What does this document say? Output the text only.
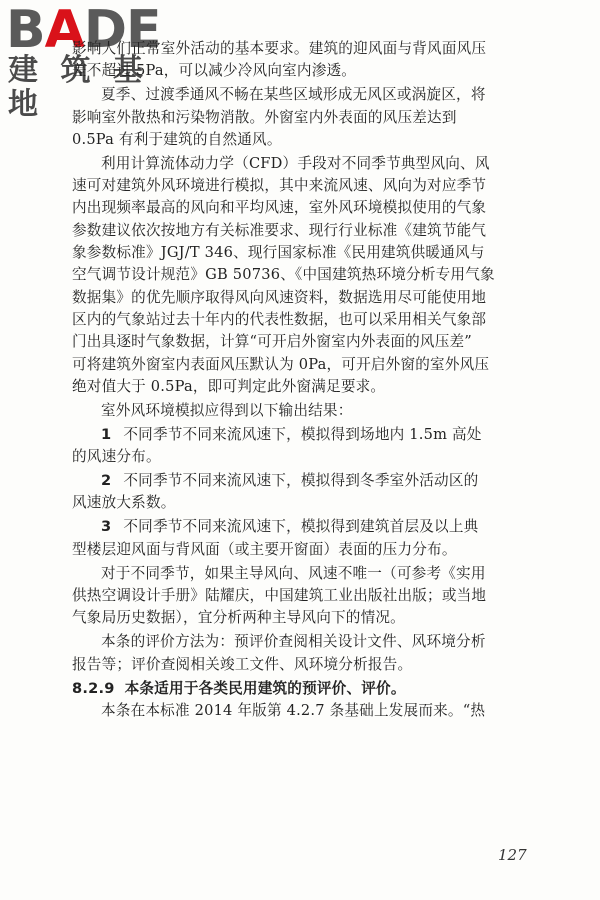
BADE
建 筑 基 地
影响人们正常室外活动的基本要求。建筑的迎风面与背风面风压
差不超过 5Pa，可以减少冷风向室内渗透。
夏季、过渡季通风不畅在某些区域形成无风区或涡旋区，将
影响室外散热和污染物消散。外窗室内外表面的风压差达到
0.5Pa 有利于建筑的自然通风。
利用计算流体动力学（CFD）手段对不同季节典型风向、风
速可对建筑外风环境进行模拟，其中来流风速、风向为对应季节
内出现频率最高的风向和平均风速，室外风环境模拟使用的气象
参数建议依次按地方有关标准要求、现行行业标准《建筑节能气
象参数标准》JGJ/T 346、现行国家标准《民用建筑供暖通风与
空气调节设计规范》GB 50736、《中国建筑热环境分析专用气象
数据集》的优先顺序取得风向风速资料，数据选用尽可能使用地
区内的气象站过去十年内的代表性数据，也可以采用相关气象部
门出具逐时气象数据，计算“可开启外窗室内外表面的风压差”
可将建筑外窗室内表面风压默认为 0Pa，可开启外窗的室外风压
绝对值大于 0.5Pa，即可判定此外窗满足要求。
室外风环境模拟应得到以下输出结果：
1 不同季节不同来流风速下，模拟得到场地内 1.5m 高处
的风速分布。
2 不同季节不同来流风速下，模拟得到冬季室外活动区的
风速放大系数。
3 不同季节不同来流风速下，模拟得到建筑首层及以上典
型楼层迎风面与背风面（或主要开窗面）表面的压力分布。
对于不同季节，如果主导风向、风速不唯一（可参考《实用
供热空调设计手册》陆耀庆，中国建筑工业出版社出版；或当地
气象局历史数据），宜分析两种主导风向下的情况。
本条的评价方法为：预评价查阅相关设计文件、风环境分析
报告等；评价查阅相关竣工文件、风环境分析报告。
8.2.9 本条适用于各类民用建筑的预评价、评价。
本条在本标准 2014 年版第 4.2.7 条基础上发展而来。“热
127
